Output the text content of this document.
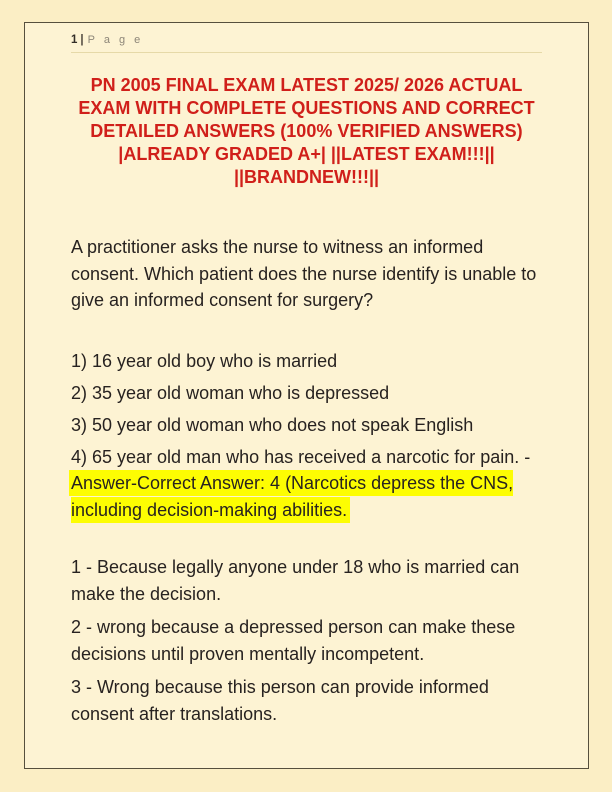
1 | P a g e
PN 2005 FINAL EXAM LATEST 2025/ 2026 ACTUAL
EXAM WITH COMPLETE QUESTIONS AND CORRECT
DETAILED ANSWERS (100% VERIFIED ANSWERS)
|ALREADY GRADED A+| ||LATEST EXAM!!!||
||BRANDNEW!!!||
A practitioner asks the nurse to witness an informed consent. Which patient does the nurse identify is unable to give an informed consent for surgery?

1) 16 year old boy who is married

2) 35 year old woman who is depressed

3) 50 year old woman who does not speak English

4) 65 year old man who has received a narcotic for pain. -Answer-Correct Answer: 4 (Narcotics depress the CNS, including decision-making abilities.

1 - Because legally anyone under 18 who is married can make the decision.

2 - wrong because a depressed person can make these decisions until proven mentally incompetent.

3 - Wrong because this person can provide informed consent after translations.
